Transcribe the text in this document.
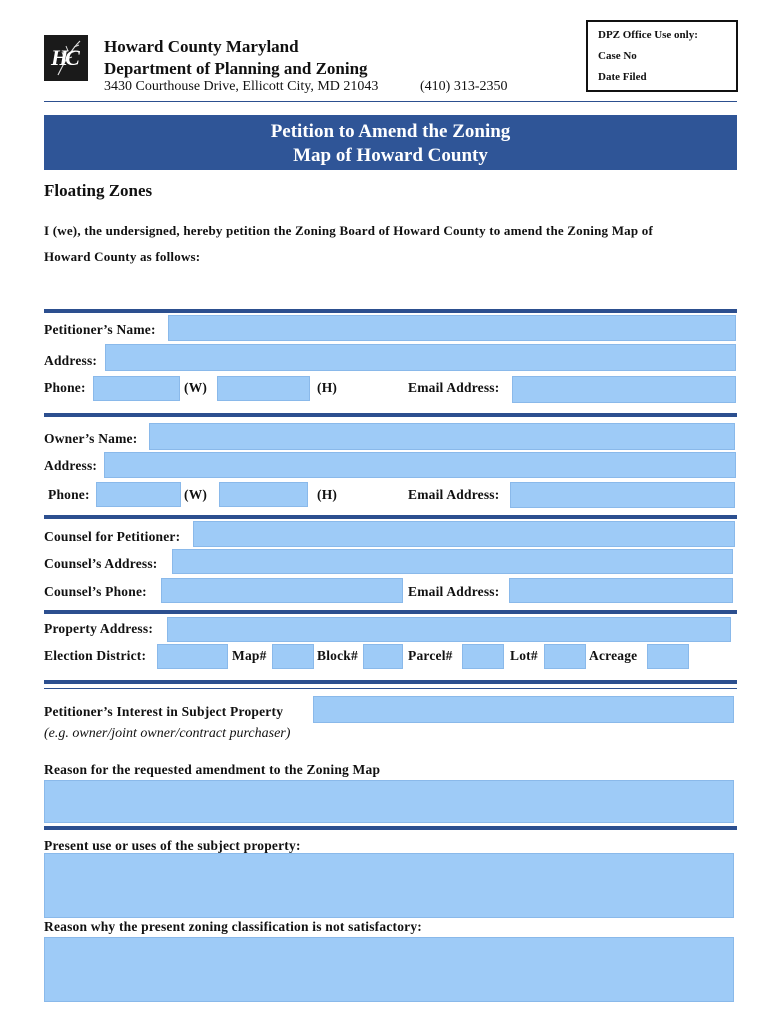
HC Howard County Maryland
Department of Planning and Zoning
3430 Courthouse Drive, Ellicott City, MD 21043	(410) 313-2350
DPZ Office Use only:
Case No
Date Filed
Petition to Amend the Zoning
Map of Howard County
Floating Zones
I (we), the undersigned, hereby petition the Zoning Board of Howard County to amend the Zoning Map of
Howard County as follows:
Petitioner’s Name:
Address:
Phone:	(W)	(H)	Email Address:
Owner’s Name:
Address:
Phone:	(W)	(H)	Email Address:
Counsel for Petitioner:
Counsel’s Address:
Counsel’s Phone:	Email Address:
Property Address:
Election District:	Map#	Block#	Parcel#	Lot#	Acreage
Petitioner’s Interest in Subject Property
(e.g. owner/joint owner/contract purchaser)
Reason for the requested amendment to the Zoning Map
Present use or uses of the subject property:
Reason why the present zoning classification is not satisfactory:
